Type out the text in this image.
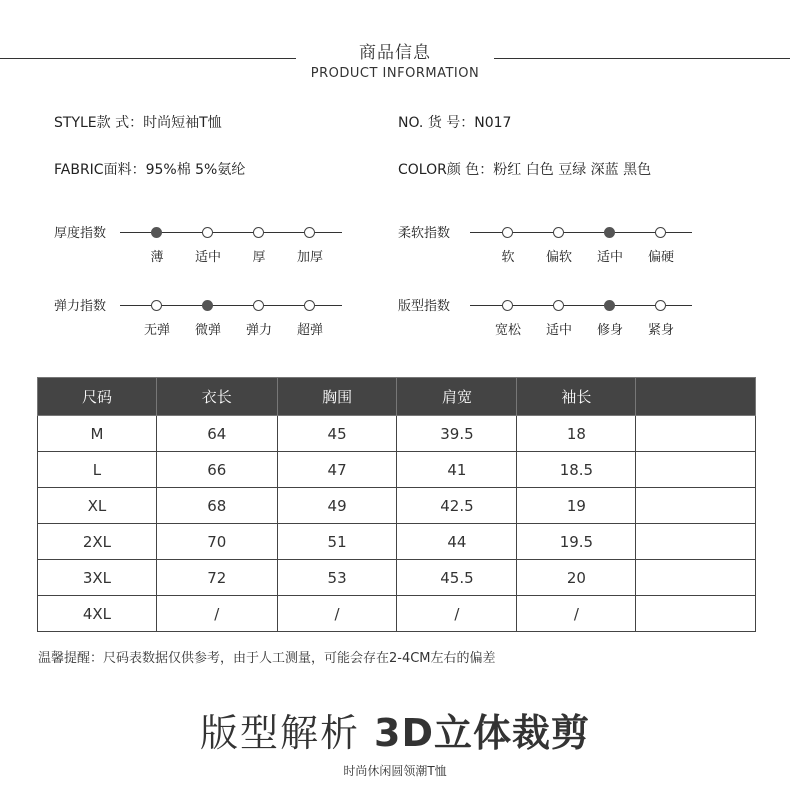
商品信息
PRODUCT INFORMATION
STYLE款 式：时尚短袖T恤	NO. 货 号：N017
FABRIC面料：95%棉 5%氨纶	COLOR颜 色：粉红 白色 豆绿 深蓝 黑色
厚度指数
薄	适中	厚	加厚
柔软指数
软	偏软	适中	偏硬
弹力指数
无弹	微弹	弹力	超弹
版型指数
宽松	适中	修身	紧身
尺码	衣长	胸围	肩宽	袖长	
M	64	45	39.5	18	
L	66	47	41	18.5	
XL	68	49	42.5	19	
2XL	70	51	44	19.5	
3XL	72	53	45.5	20	
4XL	/	/	/	/	
温馨提醒：尺码表数据仅供参考，由于人工测量，可能会存在2-4CM左右的偏差
版型解析 3D立体裁剪
时尚休闲圆领潮T恤
